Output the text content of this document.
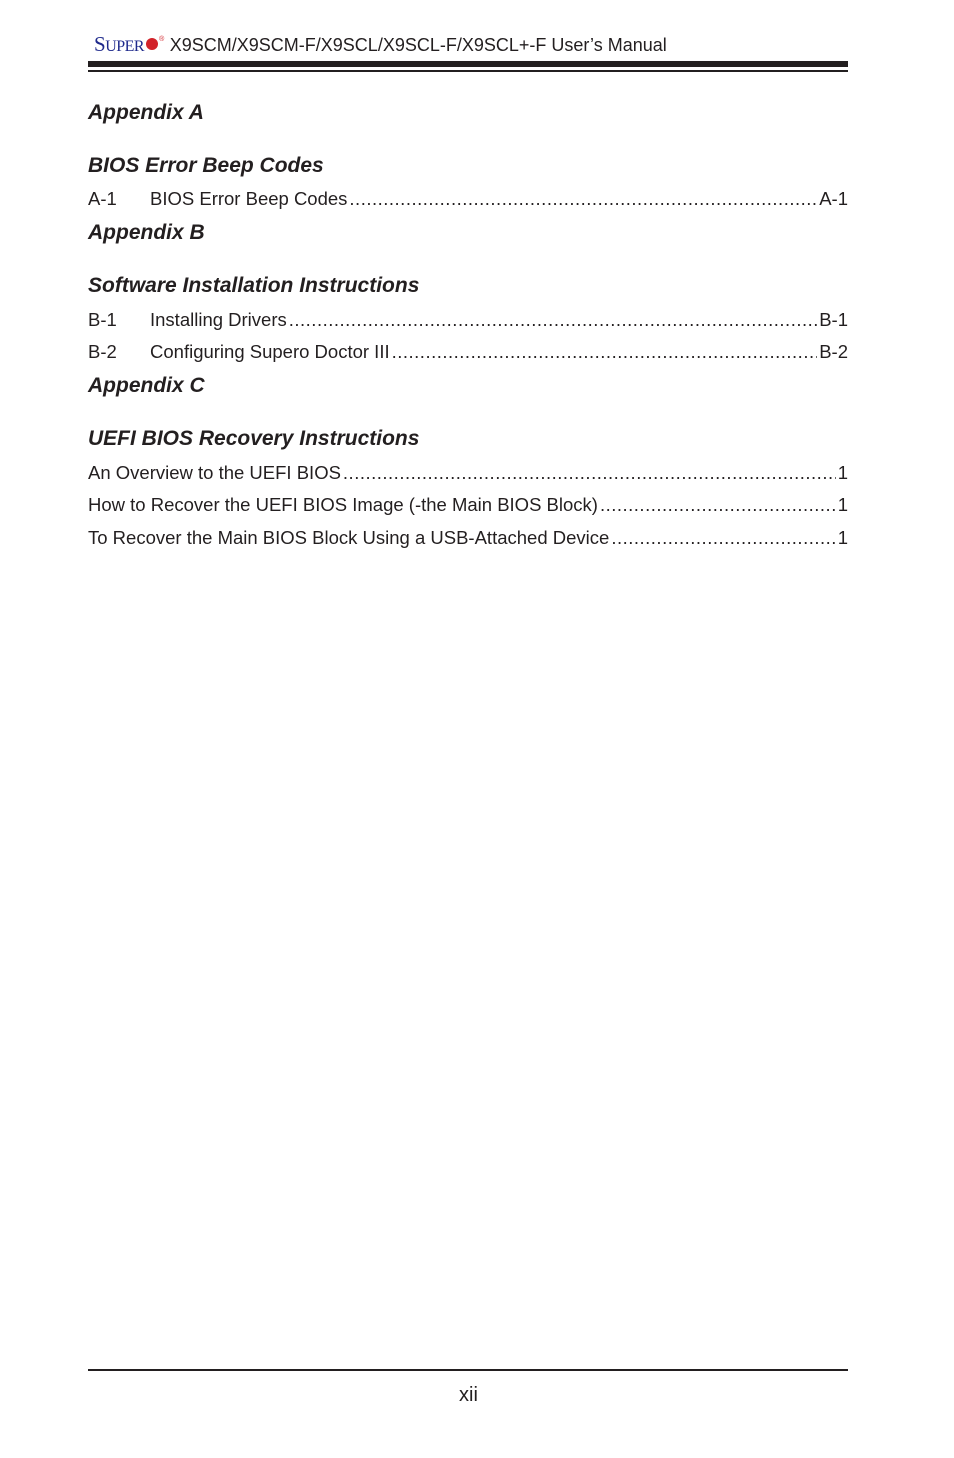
S UPER ® X9SCM/X9SCM-F/X9SCL/X9SCL-F/X9SCL+-F User’s Manual
Appendix A
BIOS Error Beep Codes
A-1	BIOS Error Beep Codes .....	A-1
Appendix B
Software Installation Instructions
B-1	Installing Drivers .....	B-1
B-2	Configuring Supero Doctor III .....	B-2
Appendix C
UEFI BIOS Recovery Instructions
An Overview to the UEFI BIOS .....	1
How to Recover the UEFI BIOS Image (-the Main BIOS Block) .....	1
To Recover the Main BIOS Block Using a USB-Attached Device .....	1
xii
